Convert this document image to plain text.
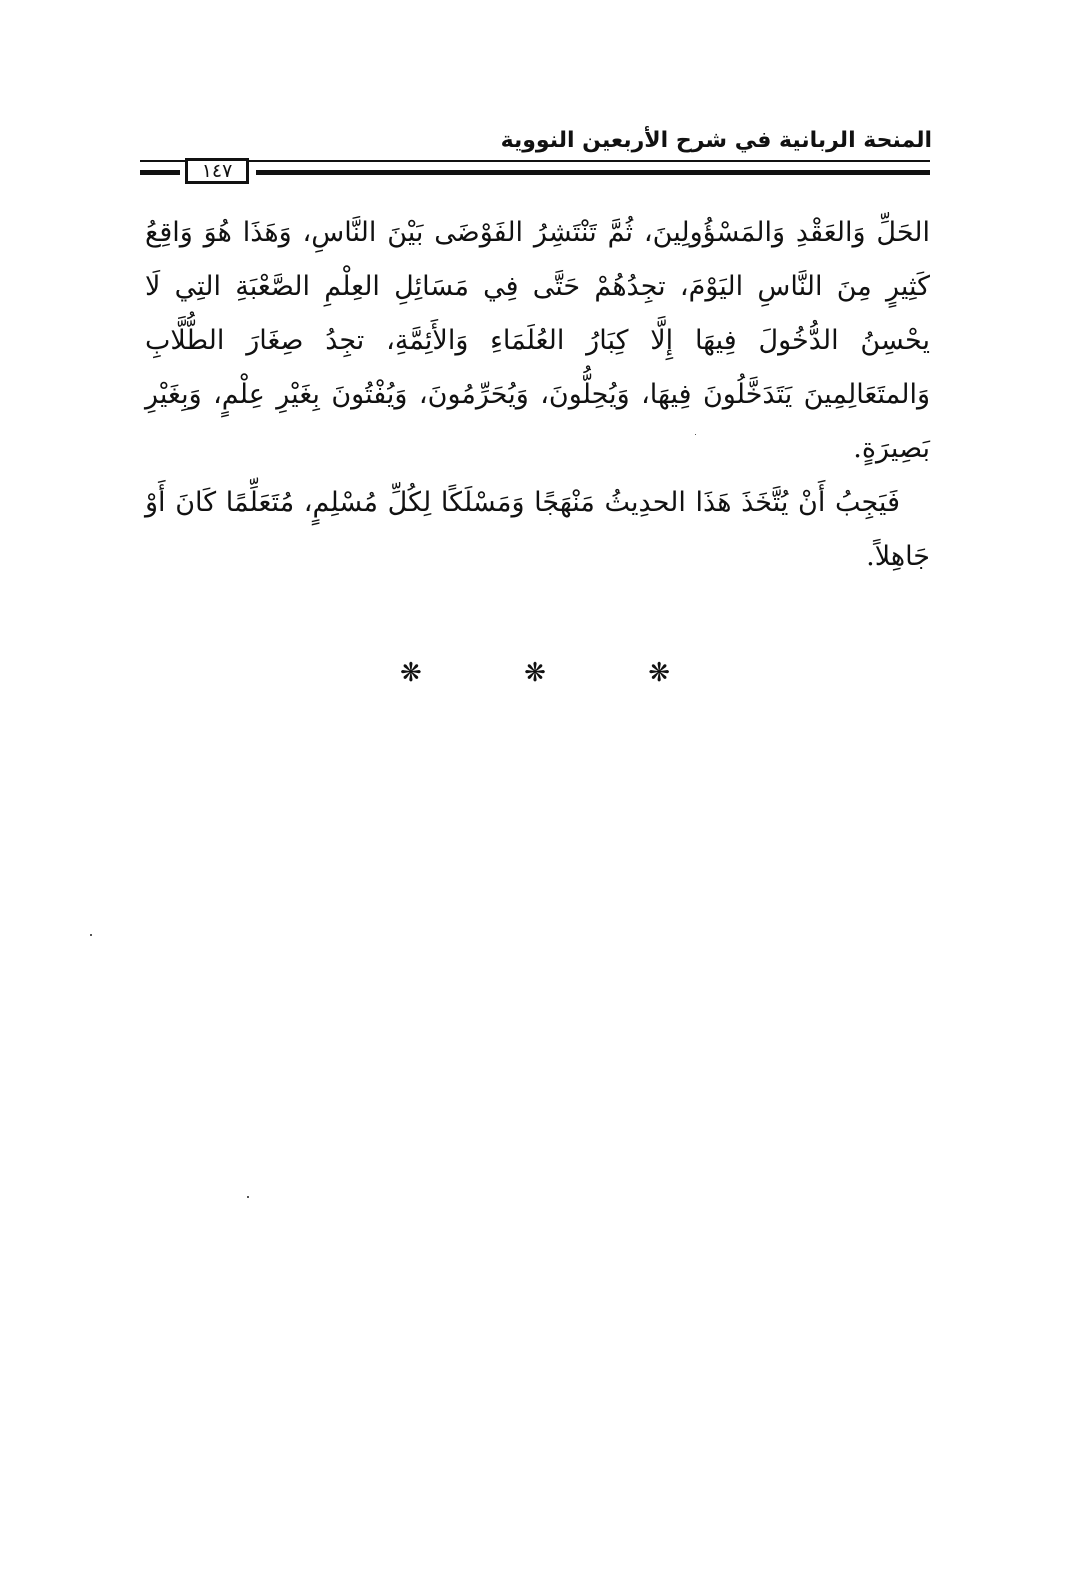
المنحة الربانية في شرح الأربعين النووية
١٤٧

الحَلِّ وَالعَقْدِ وَالمَسْؤُولِينَ، ثُمَّ تَنْتَشِرُ الفَوْضَى بَيْنَ النَّاسِ، وَهَذَا هُوَ وَاقِعُ كَثِيرٍ مِنَ النَّاسِ اليَوْمَ، تجِدُهُمْ حَتَّى فِي مَسَائِلِ العِلْمِ الصَّعْبَةِ التِي لَا يحْسِنُ الدُّخُولَ فِيهَا إِلَّا كِبَارُ العُلَمَاءِ وَالأَئِمَّةِ، تجِدُ صِغَارَ الطُّلَّابِ وَالمتَعَالِمِينَ يَتَدَخَّلُونَ فِيهَا، وَيُحِلُّونَ، وَيُحَرِّمُونَ، وَيُفْتُونَ بِغَيْرِ عِلْمٍ، وَبِغَيْرِ بَصِيرَةٍ.

فَيَجِبُ أَنْ يُتَّخَذَ هَذَا الحدِيثُ مَنْهَجًا وَمَسْلَكًا لِكُلِّ مُسْلِمٍ، مُتَعَلِّمًا كَانَ أَوْ جَاهِلاً.

❋	❋	❋
